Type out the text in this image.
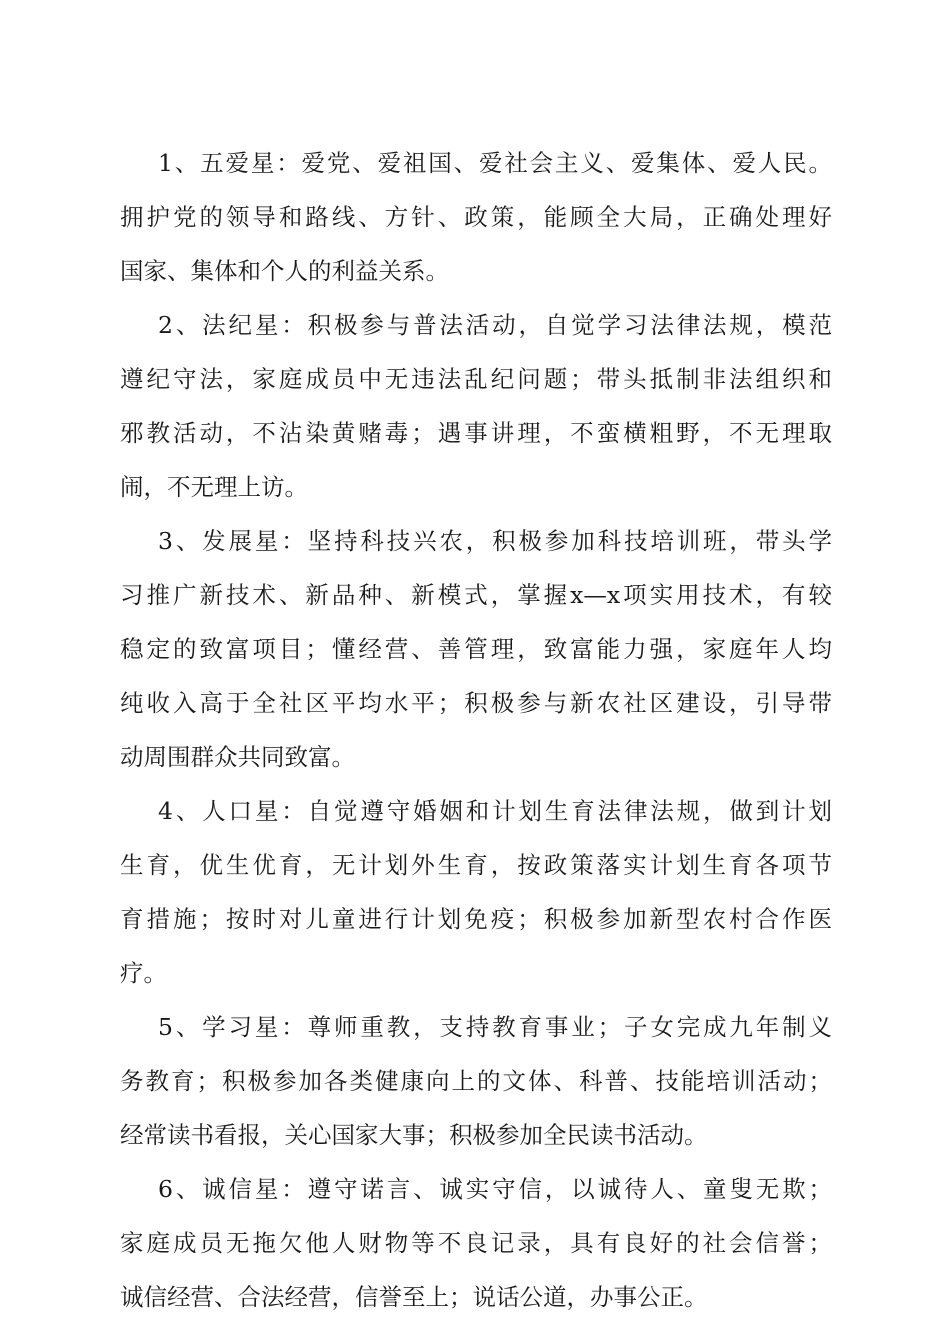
1、五爱星：爱党、爱祖国、爱社会主义、爱集体、爱人民。
拥护党的领导和路线、方针、政策，能顾全大局，正确处理好
国家、集体和个人的利益关系。
2、法纪星：积极参与普法活动，自觉学习法律法规，模范
遵纪守法，家庭成员中无违法乱纪问题；带头抵制非法组织和
邪教活动，不沾染黄赌毒；遇事讲理，不蛮横粗野，不无理取
闹，不无理上访。
3、发展星：坚持科技兴农，积极参加科技培训班，带头学
习推广新技术、新品种、新模式，掌握x—x项实用技术，有较
稳定的致富项目；懂经营、善管理，致富能力强，家庭年人均
纯收入高于全社区平均水平；积极参与新农社区建设，引导带
动周围群众共同致富。
4、人口星：自觉遵守婚姻和计划生育法律法规，做到计划
生育，优生优育，无计划外生育，按政策落实计划生育各项节
育措施；按时对儿童进行计划免疫；积极参加新型农村合作医
疗。
5、学习星：尊师重教，支持教育事业；子女完成九年制义
务教育；积极参加各类健康向上的文体、科普、技能培训活动；
经常读书看报，关心国家大事；积极参加全民读书活动。
6、诚信星：遵守诺言、诚实守信，以诚待人、童叟无欺；
家庭成员无拖欠他人财物等不良记录，具有良好的社会信誉；
诚信经营、合法经营，信誉至上；说话公道，办事公正。
